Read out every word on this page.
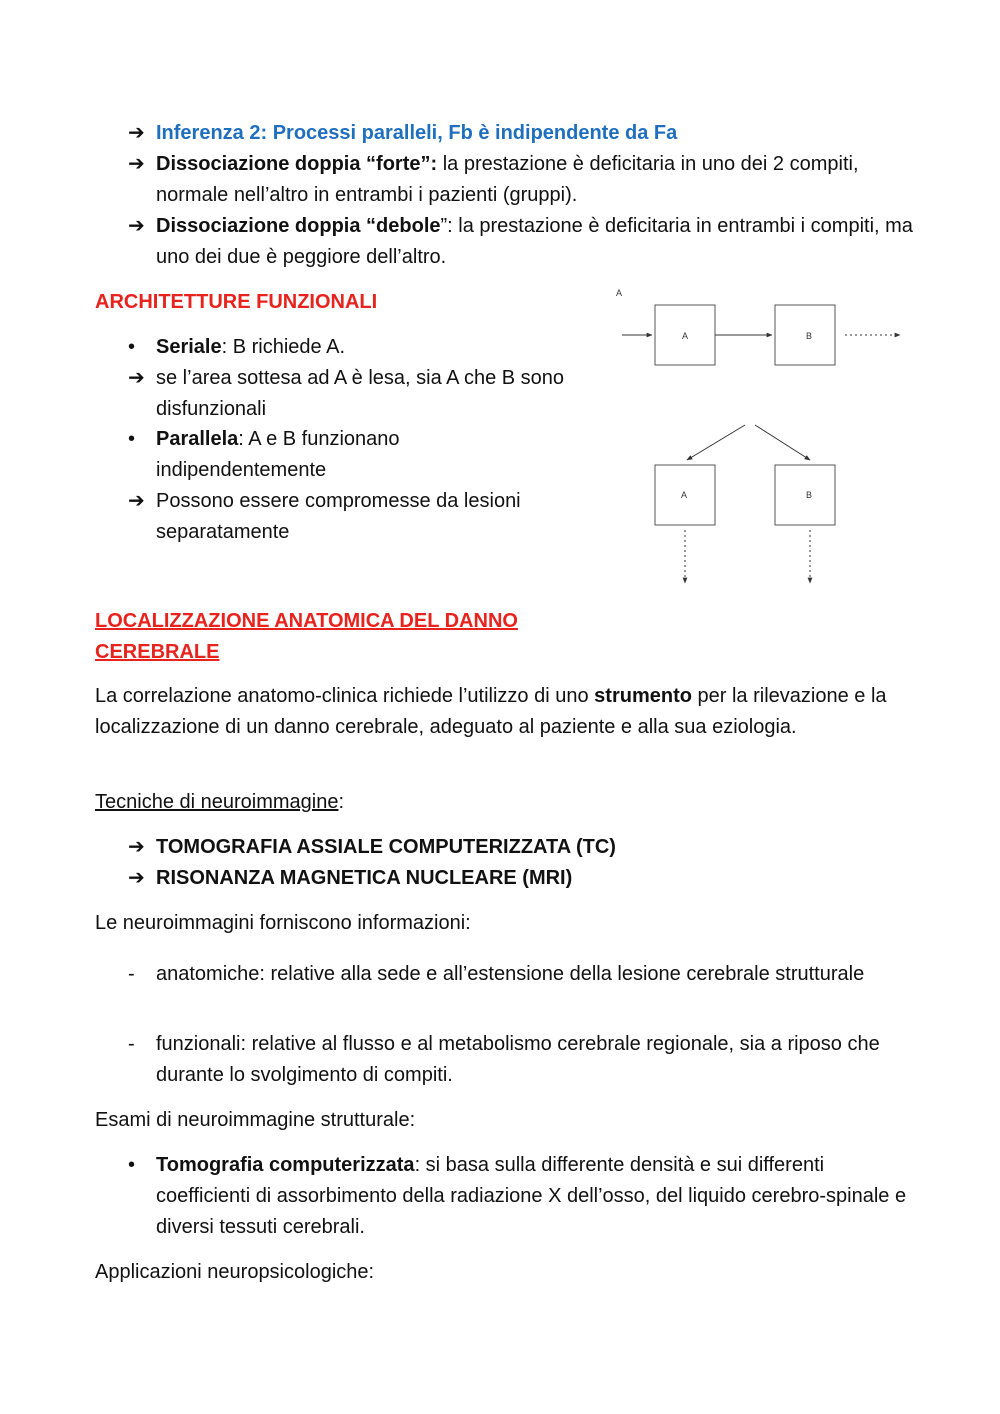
➔ Inferenza 2: Processi paralleli, Fb è indipendente da Fa
➔ Dissociazione doppia “forte”: la prestazione è deficitaria in uno dei 2 compiti, normale nell’altro in entrambi i pazienti (gruppi).
➔ Dissociazione doppia “debole”: la prestazione è deficitaria in entrambi i compiti, ma uno dei due è peggiore dell’altro.
ARCHITETTURE FUNZIONALI
• Seriale: B richiede A.
➔ se l’area sottesa ad A è lesa, sia A che B sono disfunzionali
• Parallela: A e B funzionano indipendentemente
➔ Possono essere compromesse da lesioni separatamente
A
A	B
A	B
LOCALIZZAZIONE ANATOMICA DEL DANNO
CEREBRALE

La correlazione anatomo-clinica richiede l’utilizzo di uno strumento per la rilevazione e la localizzazione di un danno cerebrale, adeguato al paziente e alla sua eziologia.

Tecniche di neuroimmagine:
➔ TOMOGRAFIA ASSIALE COMPUTERIZZATA (TC)
➔ RISONANZA MAGNETICA NUCLEARE (MRI)
Le neuroimmagini forniscono informazioni:
- anatomiche: relative alla sede e all’estensione della lesione cerebrale strutturale
- funzionali: relative al flusso e al metabolismo cerebrale regionale, sia a riposo che durante lo svolgimento di compiti.
Esami di neuroimmagine strutturale:
• Tomografia computerizzata: si basa sulla differente densità e sui differenti coefficienti di assorbimento della radiazione X dell’osso, del liquido cerebro-spinale e diversi tessuti cerebrali.
Applicazioni neuropsicologiche:
